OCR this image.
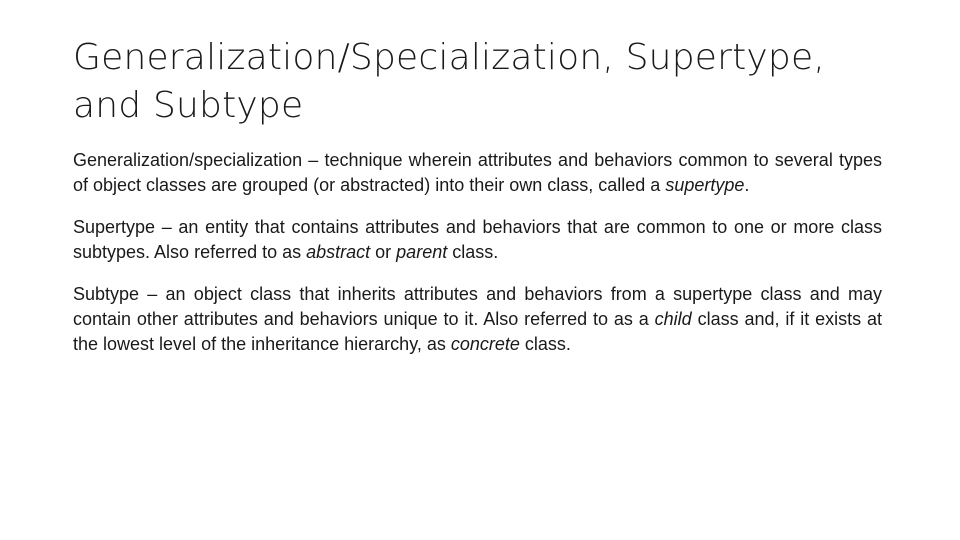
Generalization/Specialization, Supertype, and Subtype

Generalization/specialization – technique wherein attributes and behaviors common to several types of object classes are grouped (or abstracted) into their own class, called a supertype.

Supertype – an entity that contains attributes and behaviors that are common to one or more class subtypes. Also referred to as abstract or parent class.

Subtype – an object class that inherits attributes and behaviors from a supertype class and may contain other attributes and behaviors unique to it. Also referred to as a child class and, if it exists at the lowest level of the inheritance hierarchy, as concrete class.
